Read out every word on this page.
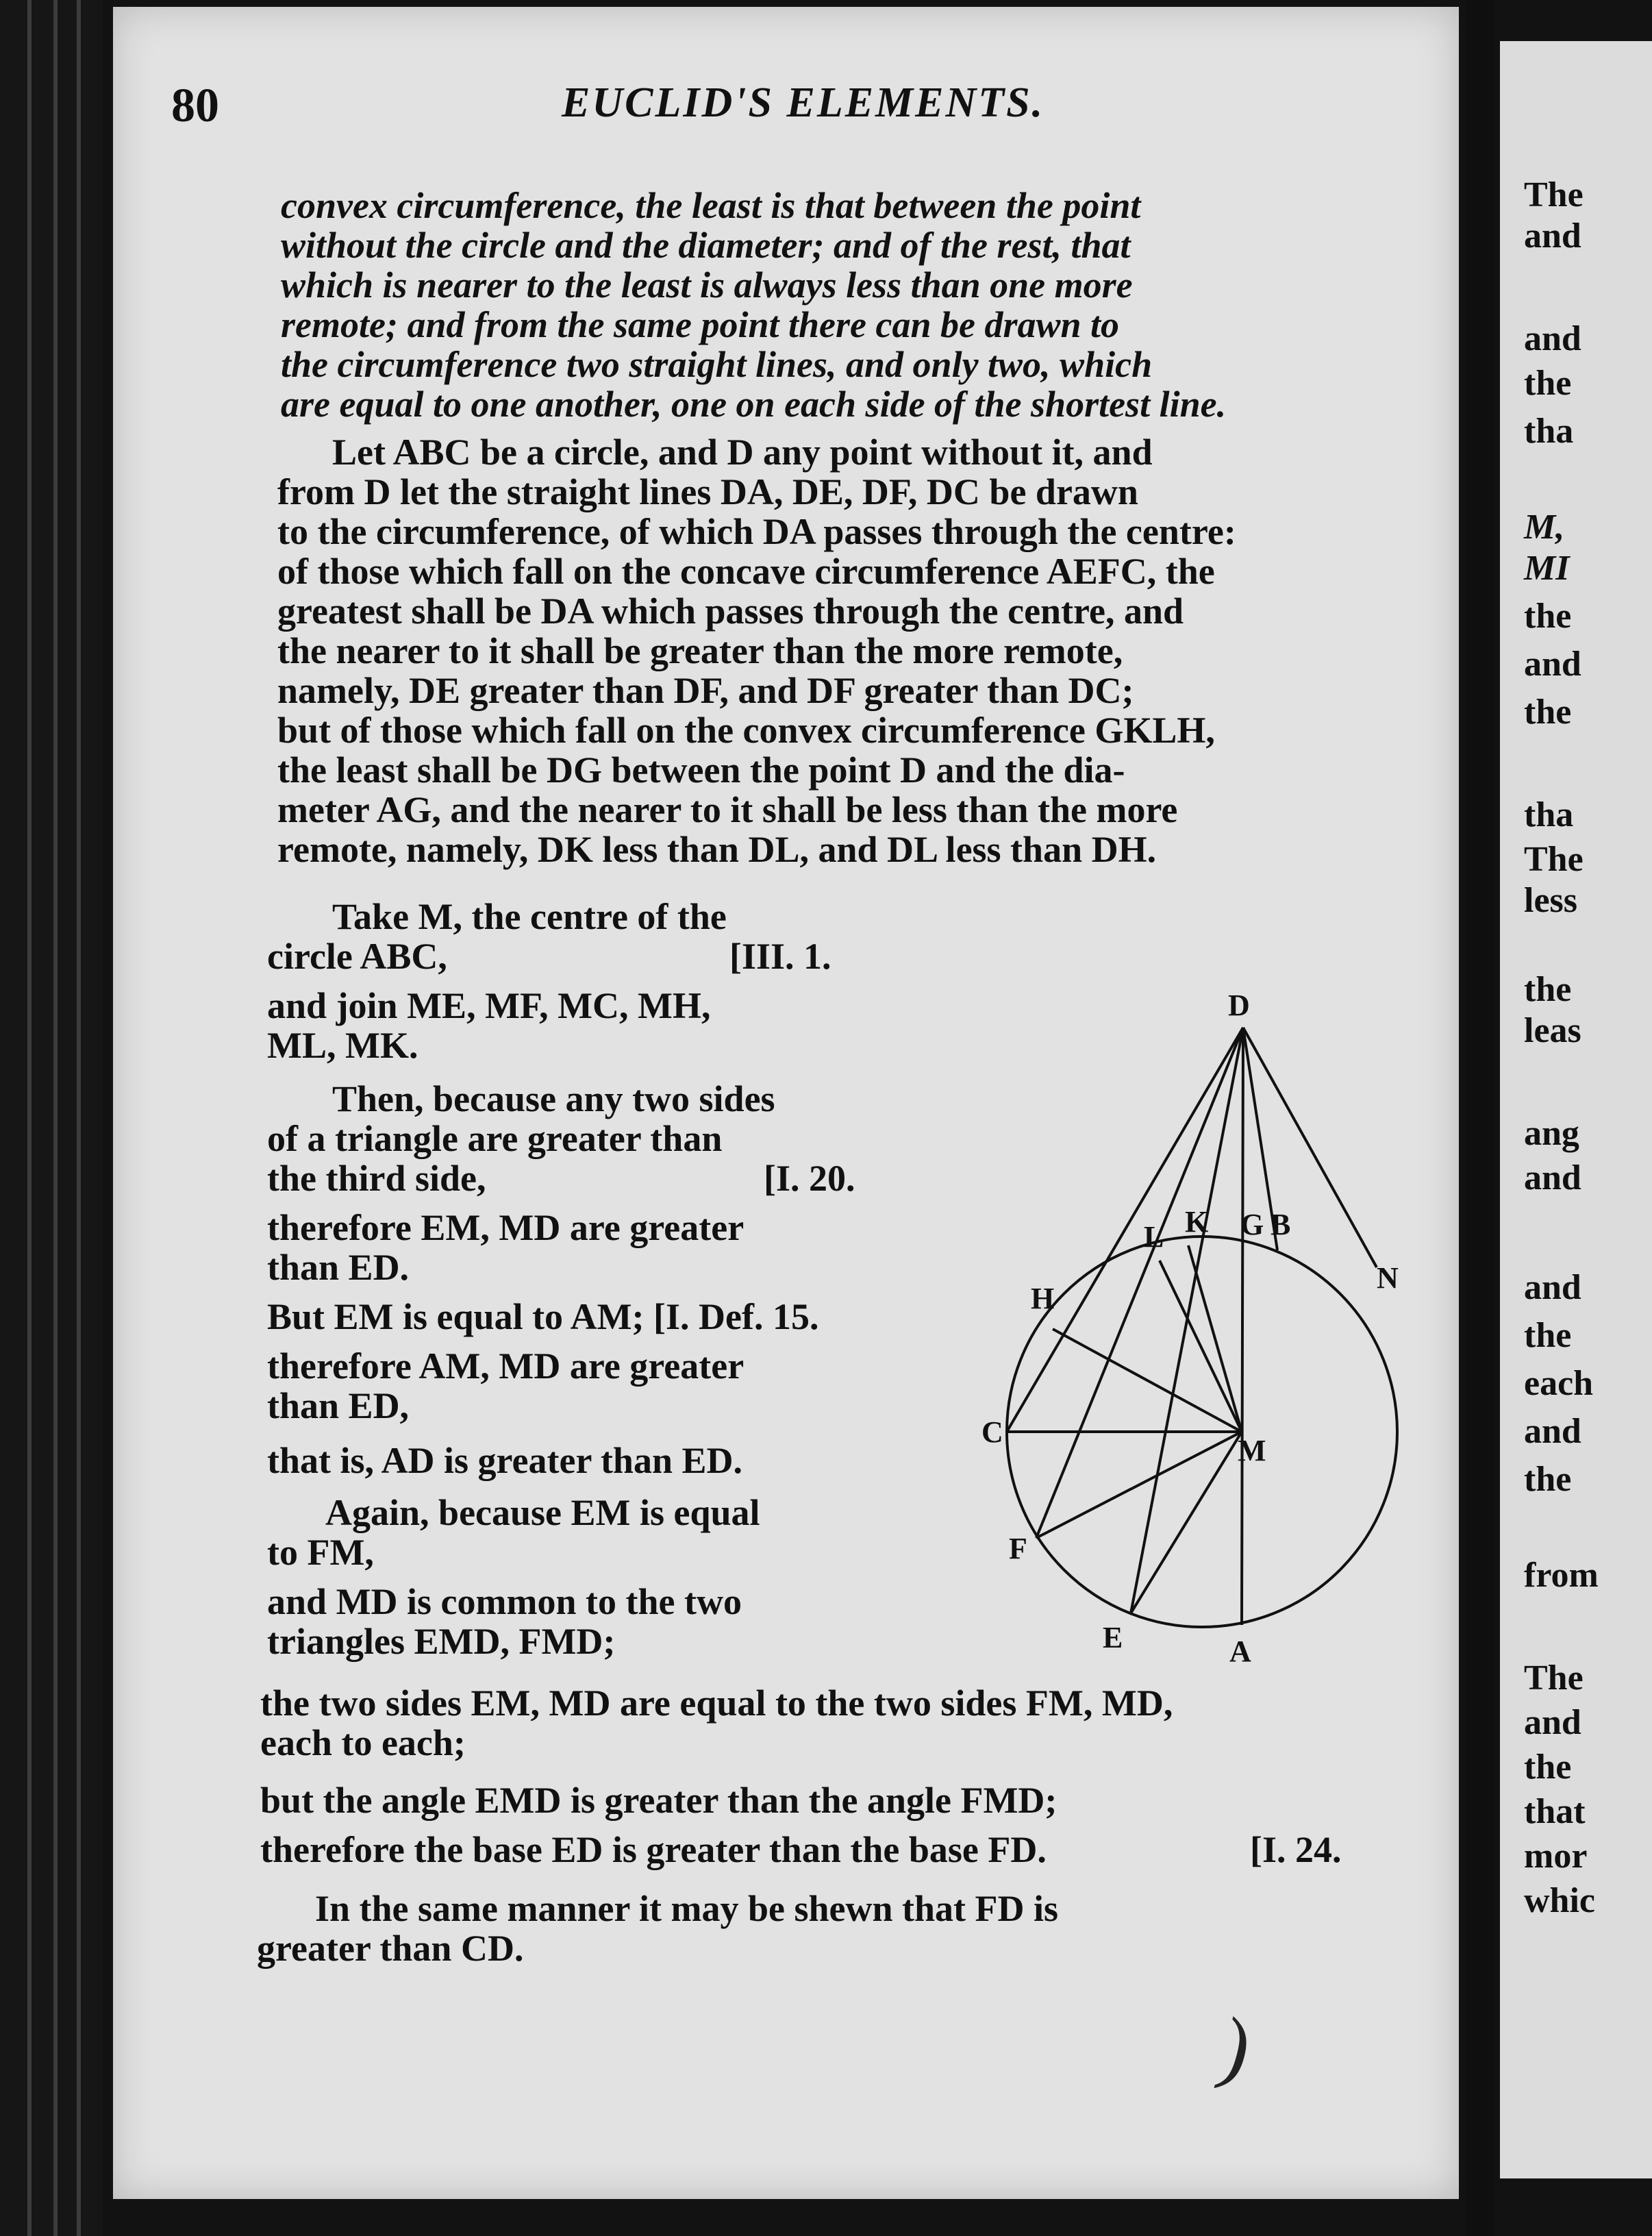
80	EUCLID'S ELEMENTS.
convex circumference, the least is that between the point
without the circle and the diameter; and of the rest, that
which is nearer to the least is always less than one more
remote; and from the same point there can be drawn to
the circumference two straight lines, and only two, which
are equal to one another, one on each side of the shortest line.
Let ABC be a circle, and D any point without it, and
from D let the straight lines DA, DE, DF, DC be drawn
to the circumference, of which DA passes through the centre:
of those which fall on the concave circumference AEFC, the
greatest shall be DA which passes through the centre, and
the nearer to it shall be greater than the more remote,
namely, DE greater than DF, and DF greater than DC;
but of those which fall on the convex circumference GKLH,
the least shall be DG between the point D and the dia-
meter AG, and the nearer to it shall be less than the more
remote, namely, DK less than DL, and DL less than DH.
Take M, the centre of the
circle ABC,	[III. 1.
and join ME, MF, MC, MH,
ML, MK.
Then, because any two sides
of a triangle are greater than
the third side,	[I. 20.
therefore EM, MD are greater
than ED.
But EM is equal to AM; [I. Def. 15.
therefore AM, MD are greater
than ED,
that is, AD is greater than ED.
Again, because EM is equal
to FM,
and MD is common to the two
triangles EMD, FMD;
the two sides EM, MD are equal to the two sides FM, MD,
each to each;
but the angle EMD is greater than the angle FMD;
therefore the base ED is greater than the base FD.	[I. 24.
In the same manner it may be shewn that FD is
greater than CD.
D
K G B
L
H
N
C
M
F
E	A
)
The
and
and
the
tha
M,
MI
the
and
the
tha
The
less
the
leas
ang
and
and
the
each
and
the
from
The
and
the
that
mor
whic
